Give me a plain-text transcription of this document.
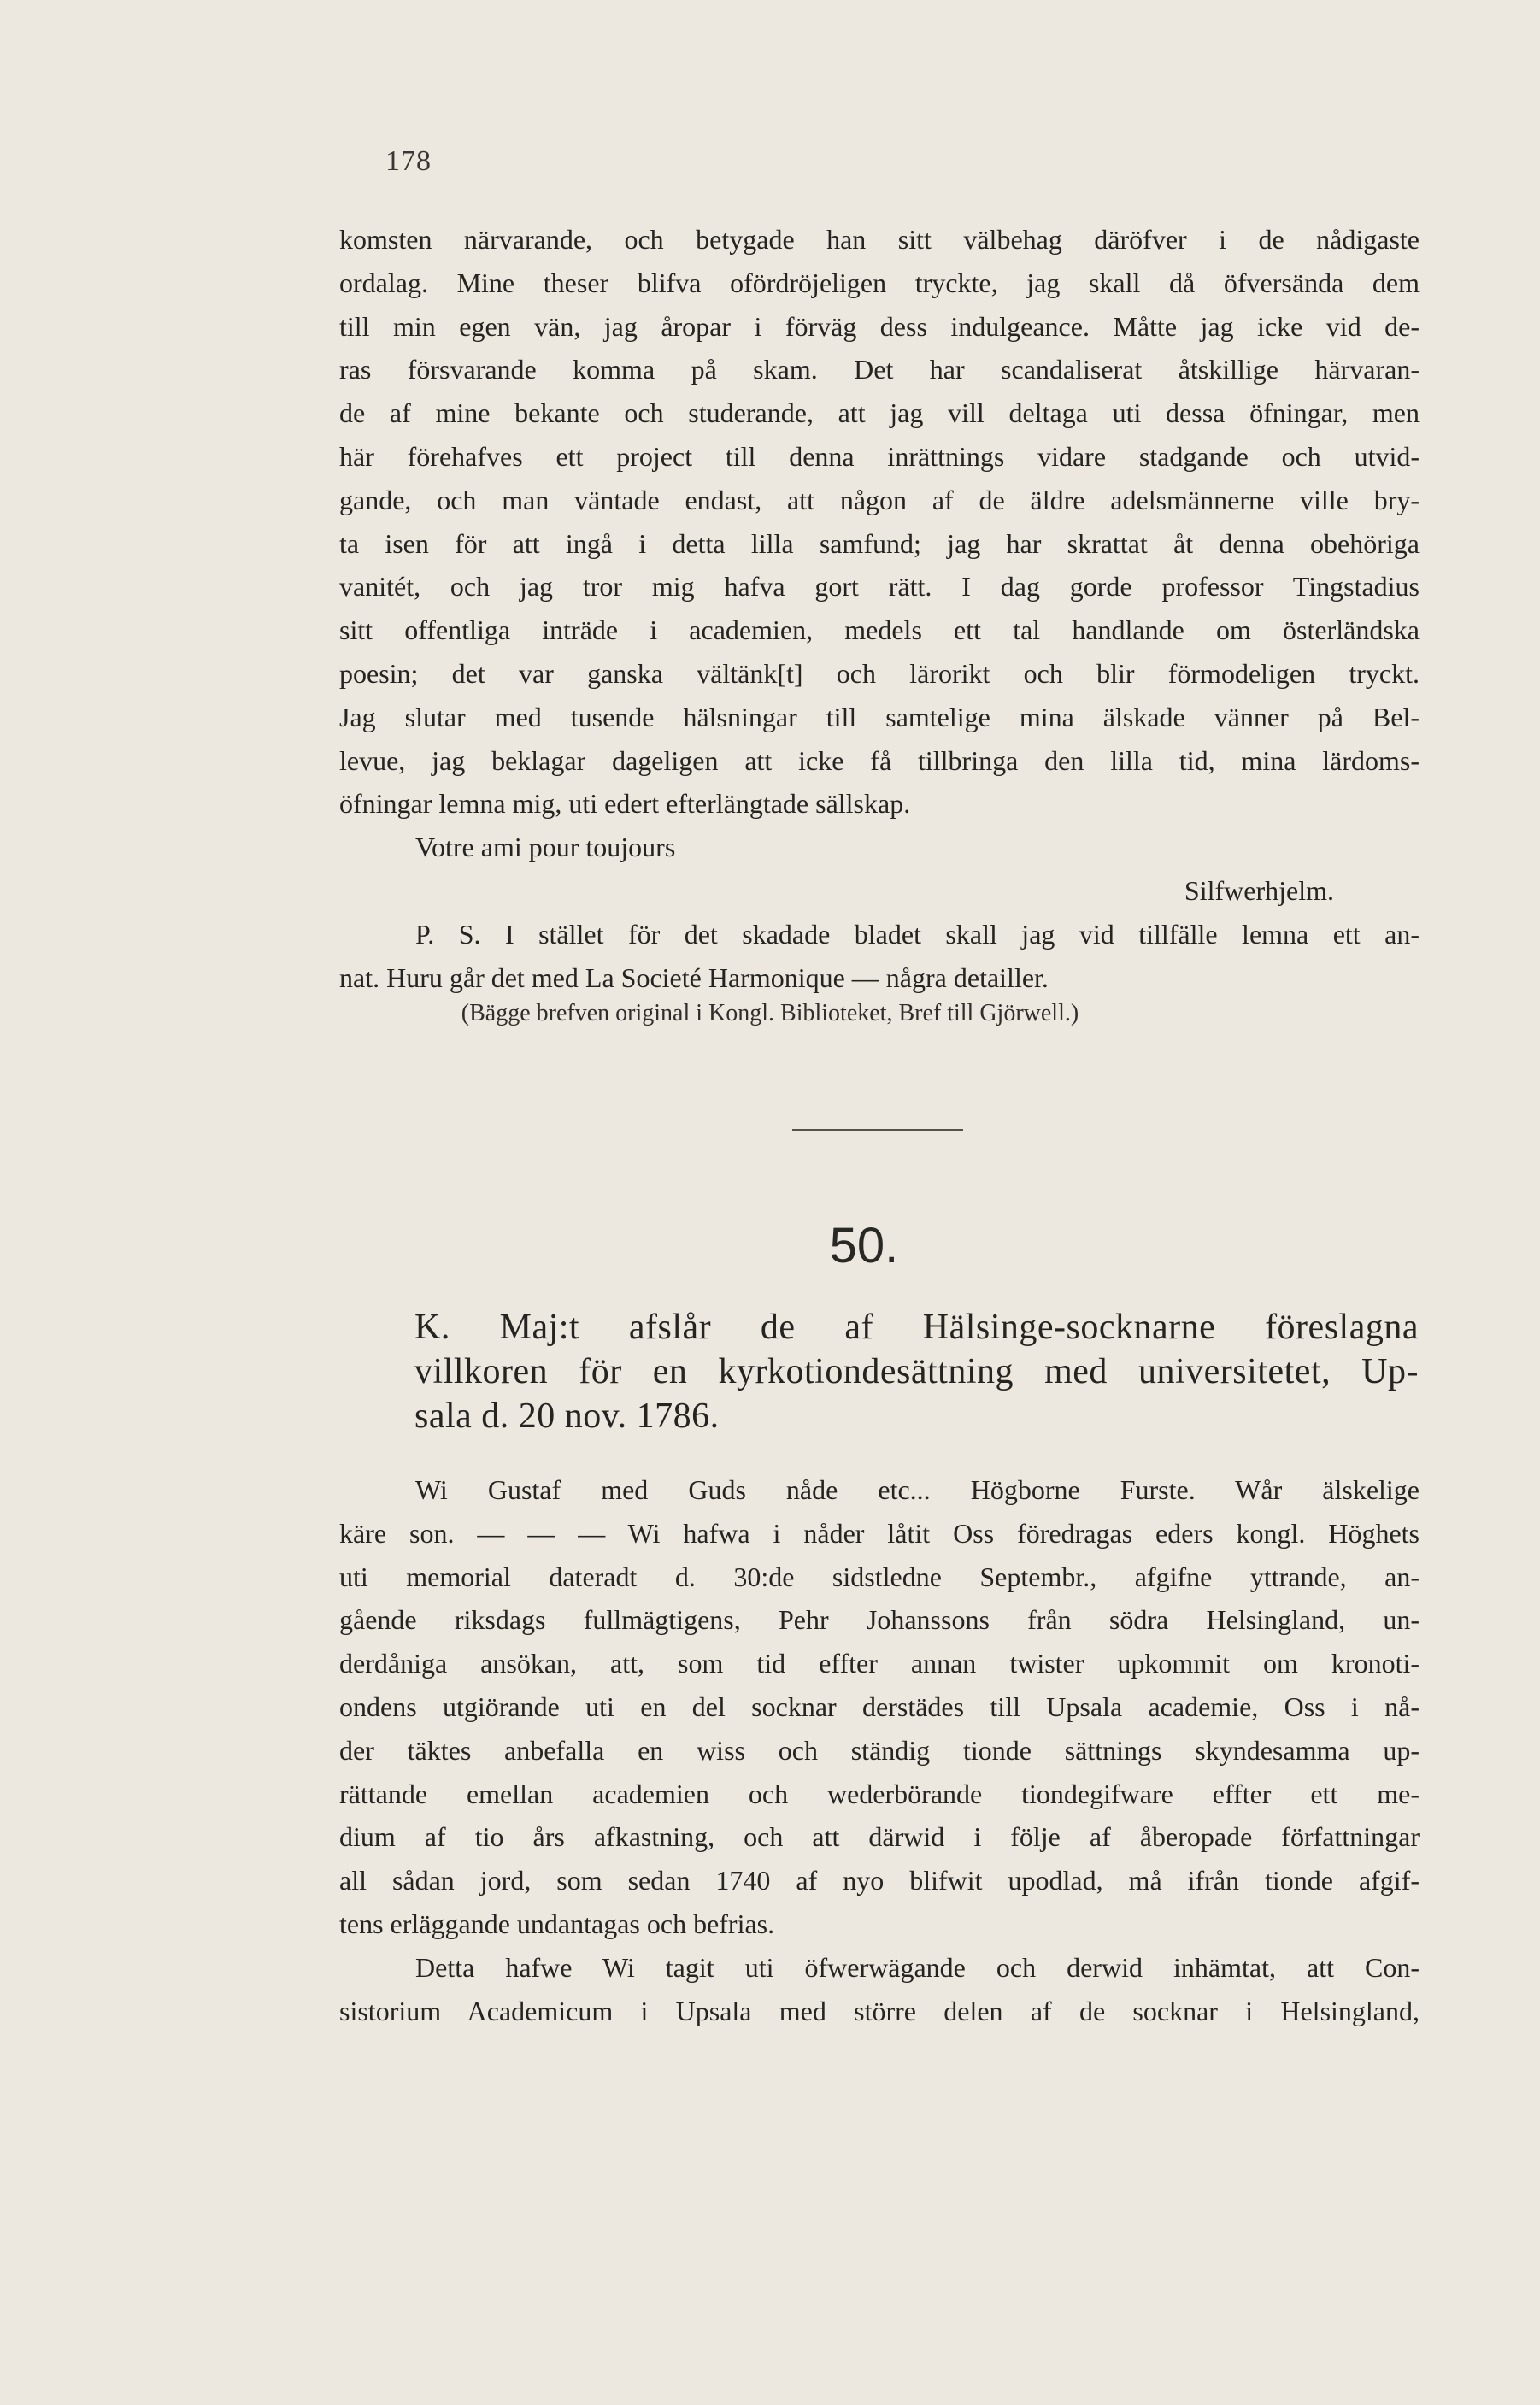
178
komsten närvarande, och betygade han sitt välbehag däröfver i de nådigaste
ordalag. Mine theser blifva ofördröjeligen tryckte, jag skall då öfversända dem
till min egen vän, jag åropar i förväg dess indulgeance. Måtte jag icke vid de-
ras försvarande komma på skam. Det har scandaliserat åtskillige härvaran-
de af mine bekante och studerande, att jag vill deltaga uti dessa öfningar, men
här förehafves ett project till denna inrättnings vidare stadgande och utvid-
gande, och man väntade endast, att någon af de äldre adelsmännerne ville bry-
ta isen för att ingå i detta lilla samfund; jag har skrattat åt denna obehöriga
vanitét, och jag tror mig hafva gort rätt. I dag gorde professor Tingstadius
sitt offentliga inträde i academien, medels ett tal handlande om österländska
poesin; det var ganska vältänk[t] och lärorikt och blir förmodeligen tryckt.
Jag slutar med tusende hälsningar till samtelige mina älskade vänner på Bel-
levue, jag beklagar dageligen att icke få tillbringa den lilla tid, mina lärdoms-
öfningar lemna mig, uti edert efterlängtade sällskap.
Votre ami pour toujours
Silfwerhjelm.
P. S. I stället för det skadade bladet skall jag vid tillfälle lemna ett an-
nat. Huru går det med La Societé Harmonique — några detailler.
(Bägge brefven original i Kongl. Biblioteket, Bref till Gjörwell.)
50.
K. Maj:t afslår de af Hälsinge-socknarne föreslagna
villkoren för en kyrkotiondesättning med universitetet, Up-
sala d. 20 nov. 1786.
Wi Gustaf med Guds nåde etc... Högborne Furste. Wår älskelige
käre son. — — — Wi hafwa i nåder låtit Oss föredragas eders kongl. Höghets
uti memorial dateradt d. 30:de sidstledne Septembr., afgifne yttrande, an-
gående riksdags fullmägtigens, Pehr Johanssons från södra Helsingland, un-
derdåniga ansökan, att, som tid effter annan twister upkommit om kronoti-
ondens utgiörande uti en del socknar derstädes till Upsala academie, Oss i nå-
der täktes anbefalla en wiss och ständig tionde sättnings skyndesamma up-
rättande emellan academien och wederbörande tiondegifware effter ett me-
dium af tio års afkastning, och att därwid i följe af åberopade författningar
all sådan jord, som sedan 1740 af nyo blifwit upodlad, må ifrån tionde afgif-
tens erläggande undantagas och befrias.
Detta hafwe Wi tagit uti öfwerwägande och derwid inhämtat, att Con-
sistorium Academicum i Upsala med större delen af de socknar i Helsingland,
